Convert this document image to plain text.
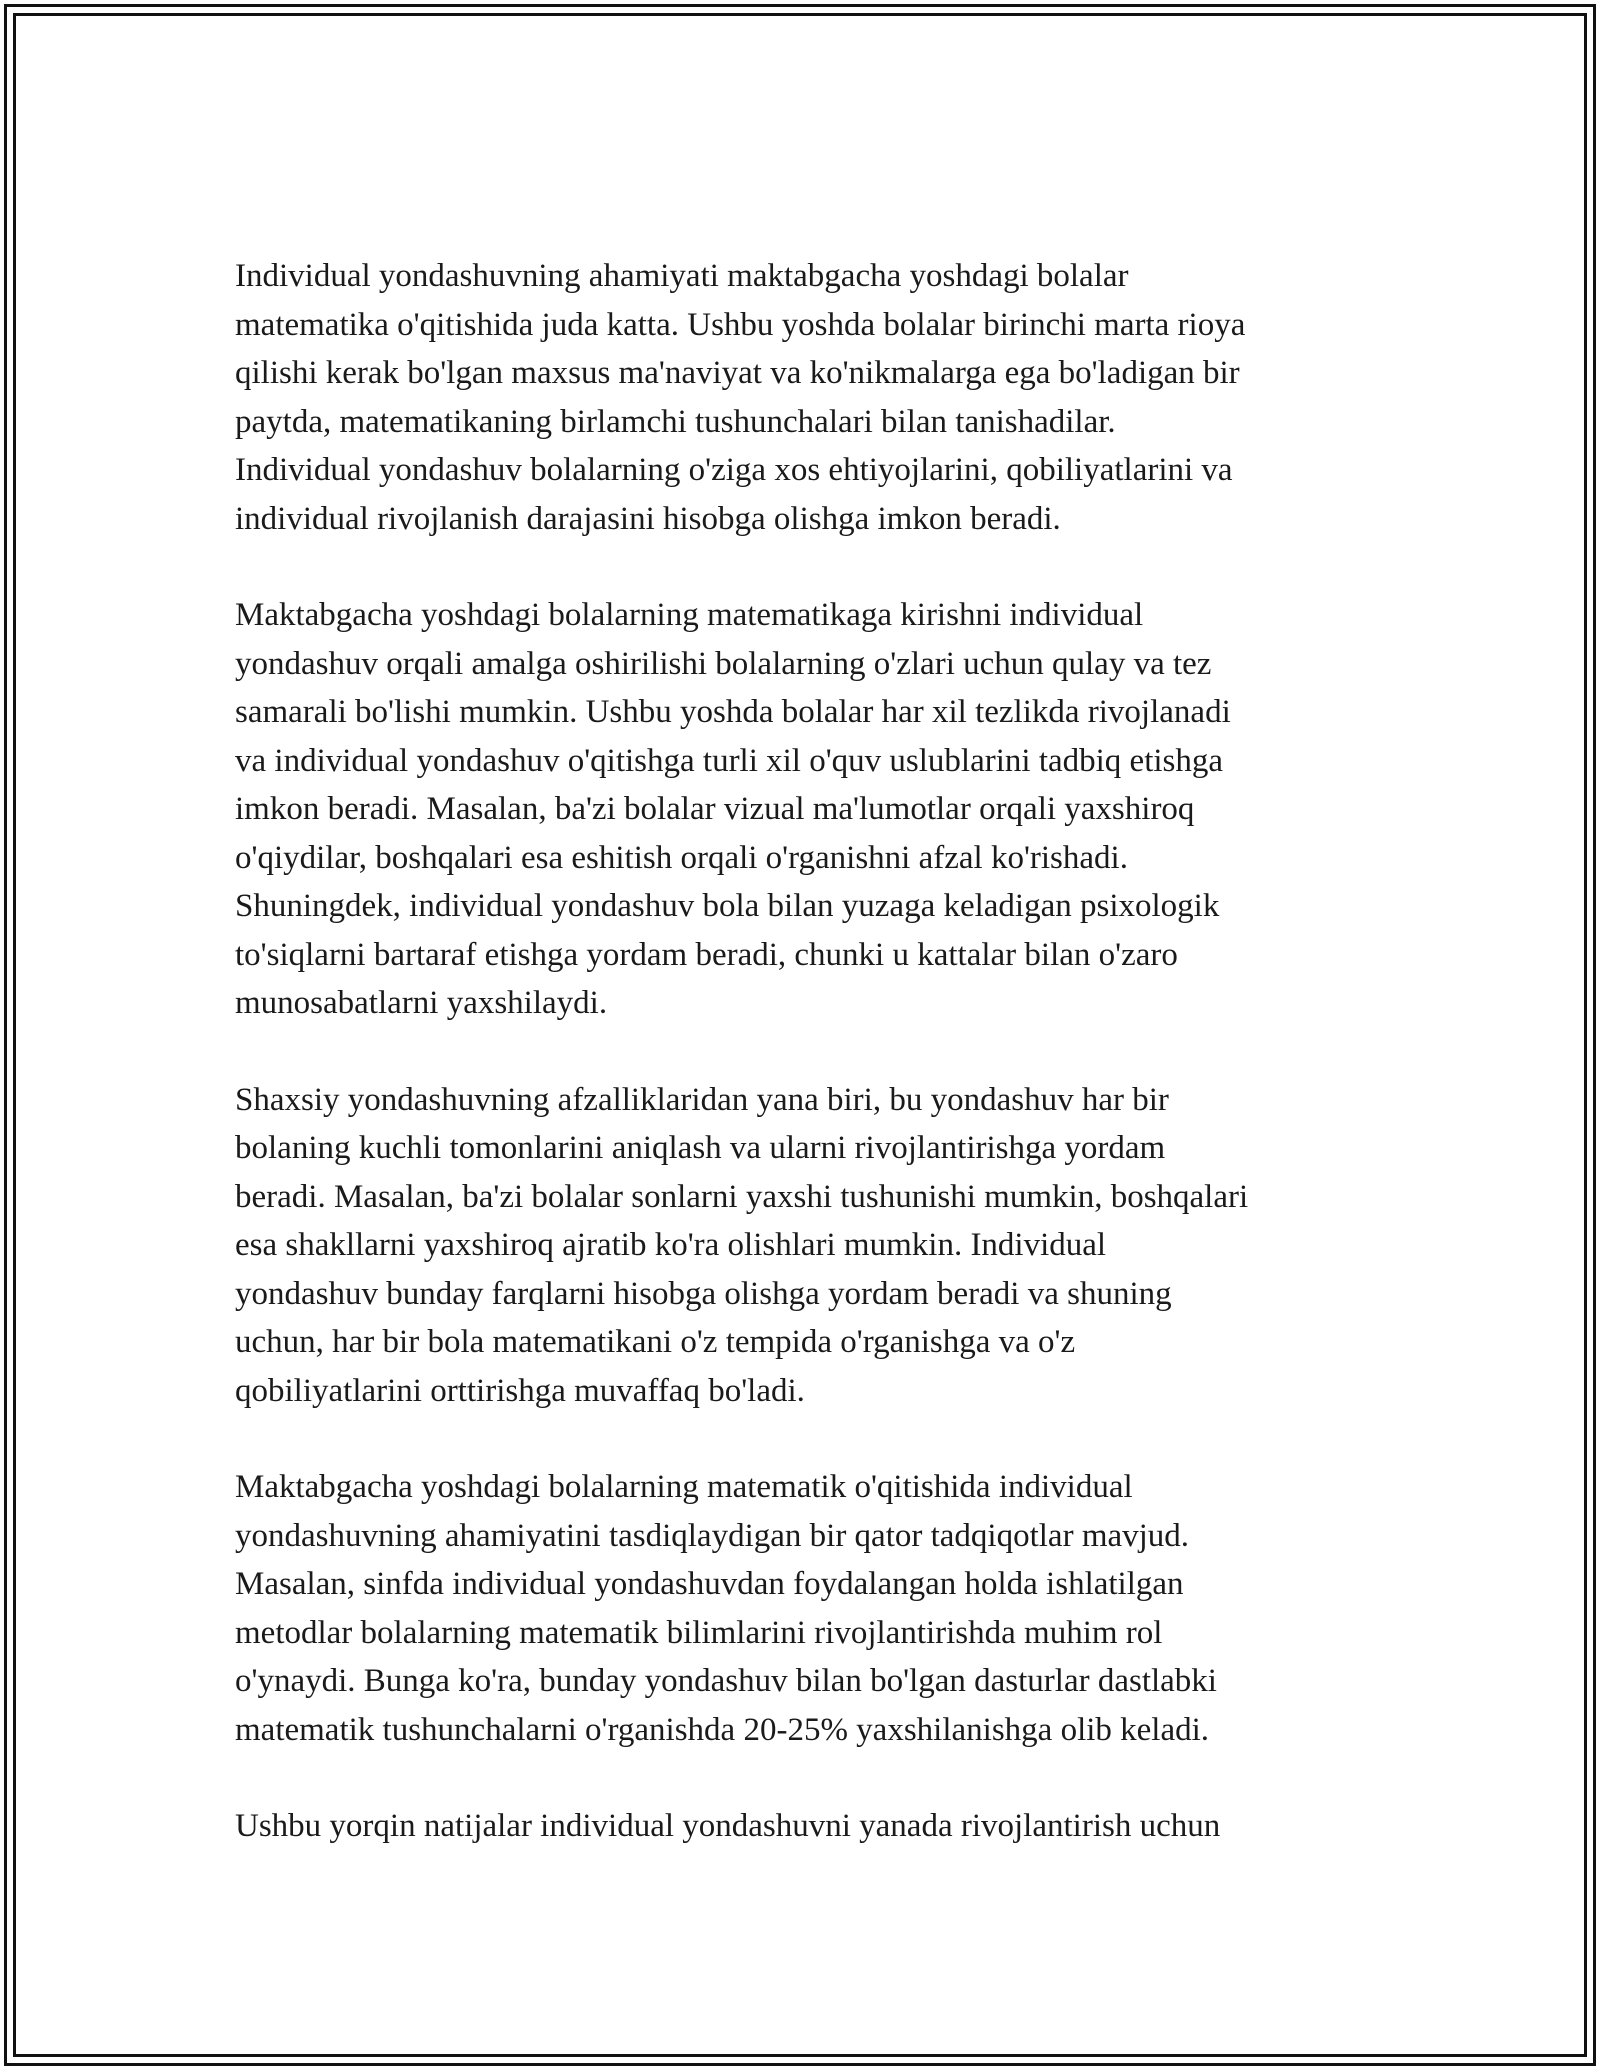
Individual yondashuvning ahamiyati maktabgacha yoshdagi bolalar
matematika o'qitishida juda katta. Ushbu yoshda bolalar birinchi marta rioya
qilishi kerak bo'lgan maxsus ma'naviyat va ko'nikmalarga ega bo'ladigan bir
paytda, matematikaning birlamchi tushunchalari bilan tanishadilar.
Individual yondashuv bolalarning o'ziga xos ehtiyojlarini, qobiliyatlarini va
individual rivojlanish darajasini hisobga olishga imkon beradi.

Maktabgacha yoshdagi bolalarning matematikaga kirishni individual
yondashuv orqali amalga oshirilishi bolalarning o'zlari uchun qulay va tez
samarali bo'lishi mumkin. Ushbu yoshda bolalar har xil tezlikda rivojlanadi
va individual yondashuv o'qitishga turli xil o'quv uslublarini tadbiq etishga
imkon beradi. Masalan, ba'zi bolalar vizual ma'lumotlar orqali yaxshiroq
o'qiydilar, boshqalari esa eshitish orqali o'rganishni afzal ko'rishadi.
Shuningdek, individual yondashuv bola bilan yuzaga keladigan psixologik
to'siqlarni bartaraf etishga yordam beradi, chunki u kattalar bilan o'zaro
munosabatlarni yaxshilaydi.

Shaxsiy yondashuvning afzalliklaridan yana biri, bu yondashuv har bir
bolaning kuchli tomonlarini aniqlash va ularni rivojlantirishga yordam
beradi. Masalan, ba'zi bolalar sonlarni yaxshi tushunishi mumkin, boshqalari
esa shakllarni yaxshiroq ajratib ko'ra olishlari mumkin. Individual
yondashuv bunday farqlarni hisobga olishga yordam beradi va shuning
uchun, har bir bola matematikani o'z tempida o'rganishga va o'z
qobiliyatlarini orttirishga muvaffaq bo'ladi.

Maktabgacha yoshdagi bolalarning matematik o'qitishida individual
yondashuvning ahamiyatini tasdiqlaydigan bir qator tadqiqotlar mavjud.
Masalan, sinfda individual yondashuvdan foydalangan holda ishlatilgan
metodlar bolalarning matematik bilimlarini rivojlantirishda muhim rol
o'ynaydi. Bunga ko'ra, bunday yondashuv bilan bo'lgan dasturlar dastlabki
matematik tushunchalarni o'rganishda 20-25% yaxshilanishga olib keladi.

Ushbu yorqin natijalar individual yondashuvni yanada rivojlantirish uchun
